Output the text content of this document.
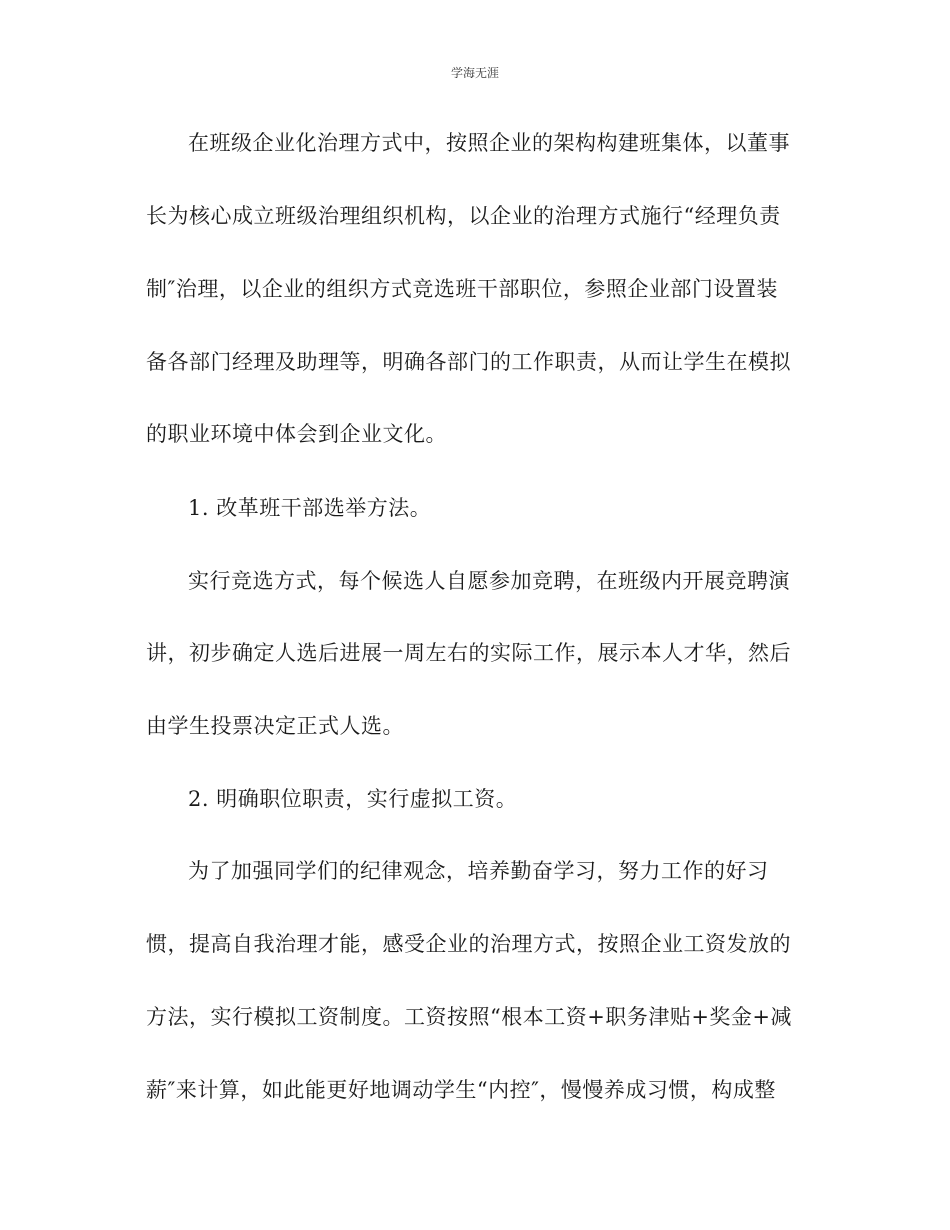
学海无涯
在班级企业化治理方式中，按照企业的架构构建班集体，以董事
长为核心成立班级治理组织机构，以企业的治理方式施行“经理负责
制″治理，以企业的组织方式竞选班干部职位，参照企业部门设置装
备各部门经理及助理等，明确各部门的工作职责，从而让学生在模拟
的职业环境中体会到企业文化。
1. 改革班干部选举方法。
实行竞选方式，每个候选人自愿参加竞聘，在班级内开展竞聘演
讲，初步确定人选后进展一周左右的实际工作，展示本人才华，然后
由学生投票决定正式人选。
2. 明确职位职责，实行虚拟工资。
为了加强同学们的纪律观念，培养勤奋学习，努力工作的好习
惯，提高自我治理才能，感受企业的治理方式，按照企业工资发放的
方法，实行模拟工资制度。工资按照“根本工资+职务津贴+奖金+减
薪″来计算，如此能更好地调动学生“内控″，慢慢养成习惯，构成整
